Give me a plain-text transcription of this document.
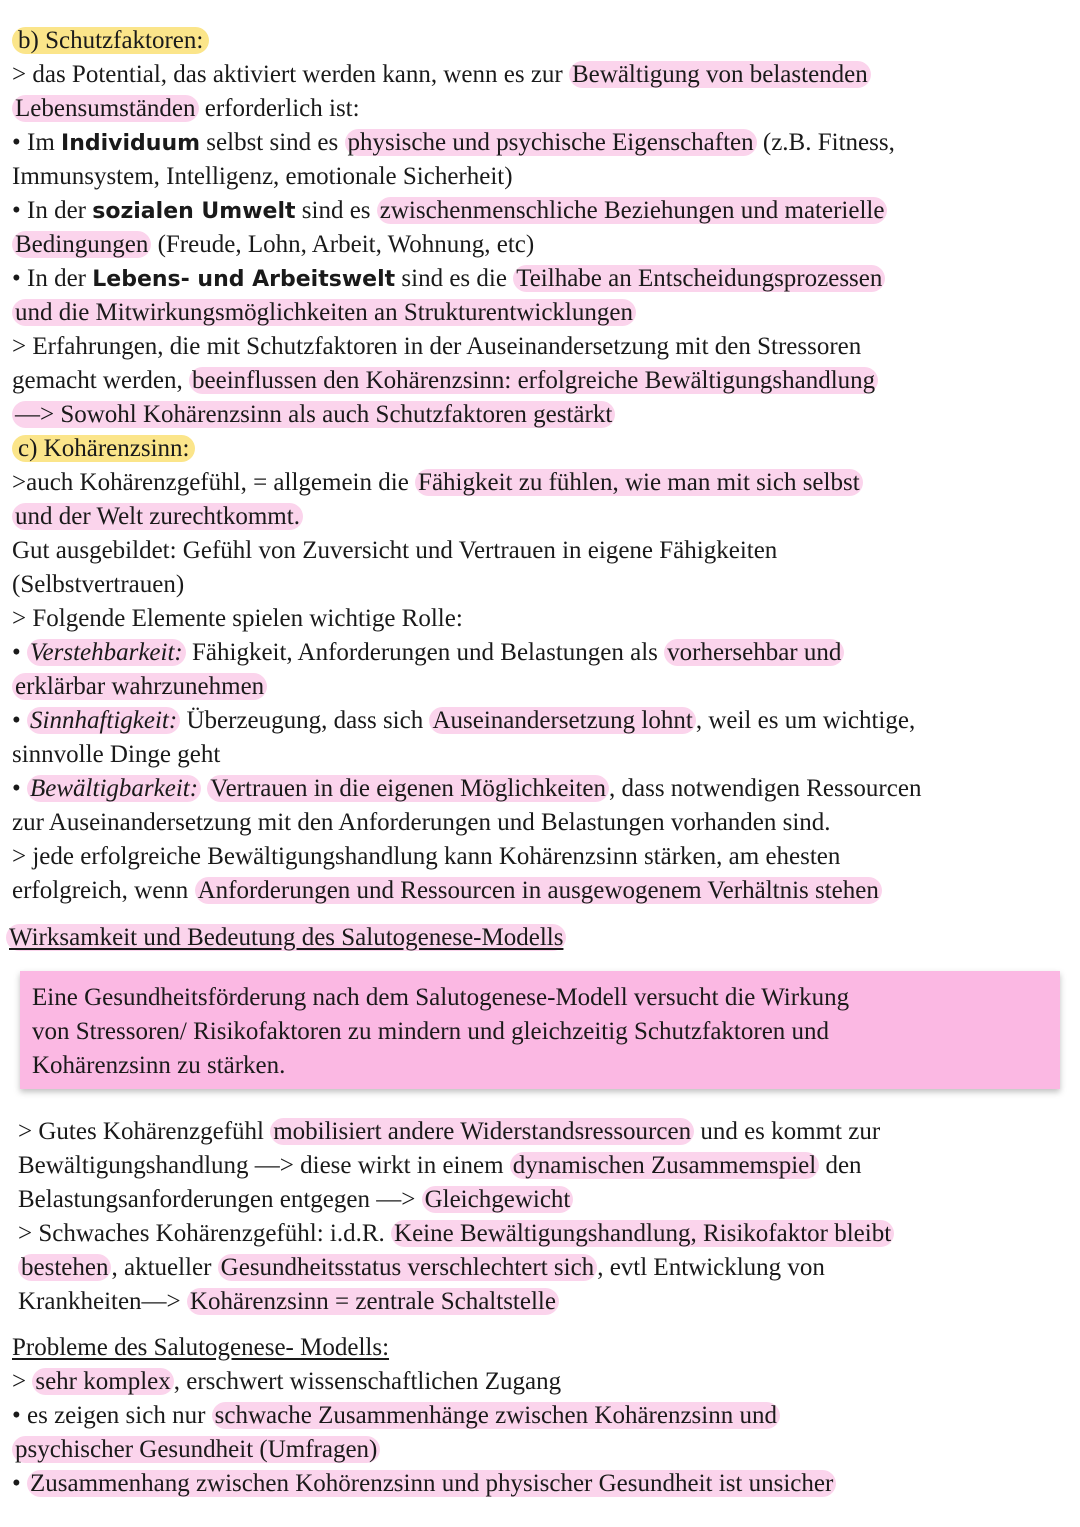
b) Schutzfaktoren:
> das Potential, das aktiviert werden kann, wenn es zur Bewältigung von belastenden
Lebensumständen erforderlich ist:
• Im Individuum selbst sind es physische und psychische Eigenschaften (z.B. Fitness,
Immunsystem, Intelligenz, emotionale Sicherheit)
• In der sozialen Umwelt sind es zwischenmenschliche Beziehungen und materielle
Bedingungen (Freude, Lohn, Arbeit, Wohnung, etc)
• In der Lebens- und Arbeitswelt sind es die Teilhabe an Entscheidungsprozessen
und die Mitwirkungsmöglichkeiten an Strukturentwicklungen
> Erfahrungen, die mit Schutzfaktoren in der Auseinandersetzung mit den Stressoren
gemacht werden, beeinflussen den Kohärenzsinn: erfolgreiche Bewältigungshandlung
—> Sowohl Kohärenzsinn als auch Schutzfaktoren gestärkt
c) Kohärenzsinn:
>auch Kohärenzgefühl, = allgemein die Fähigkeit zu fühlen, wie man mit sich selbst
und der Welt zurechtkommt.
Gut ausgebildet: Gefühl von Zuversicht und Vertrauen in eigene Fähigkeiten
(Selbstvertrauen)
> Folgende Elemente spielen wichtige Rolle:
• Verstehbarkeit: Fähigkeit, Anforderungen und Belastungen als vorhersehbar und
erklärbar wahrzunehmen
• Sinnhaftigkeit: Überzeugung, dass sich Auseinandersetzung lohnt , weil es um wichtige,
sinnvolle Dinge geht
• Bewältigbarkeit: Vertrauen in die eigenen Möglichkeiten , dass notwendigen Ressourcen
zur Auseinandersetzung mit den Anforderungen und Belastungen vorhanden sind.
> jede erfolgreiche Bewältigungshandlung kann Kohärenzsinn stärken, am ehesten
erfolgreich, wenn Anforderungen und Ressourcen in ausgewogenem Verhältnis stehen
Wirksamkeit und Bedeutung des Salutogenese-Modells
Eine Gesundheitsförderung nach dem Salutogenese-Modell versucht die Wirkung
von Stressoren/ Risikofaktoren zu mindern und gleichzeitig Schutzfaktoren und
Kohärenzsinn zu stärken.
> Gutes Kohärenzgefühl mobilisiert andere Widerstandsressourcen und es kommt zur
Bewältigungshandlung —> diese wirkt in einem dynamischen Zusammemspiel den
Belastungsanforderungen entgegen —> Gleichgewicht
> Schwaches Kohärenzgefühl: i.d.R. Keine Bewältigungshandlung, Risikofaktor bleibt
bestehen , aktueller Gesundheitsstatus verschlechtert sich , evtl Entwicklung von
Krankheiten—> Kohärenzsinn = zentrale Schaltstelle
Probleme des Salutogenese- Modells:
> sehr komplex , erschwert wissenschaftlichen Zugang
• es zeigen sich nur schwache Zusammenhänge zwischen Kohärenzsinn und
psychischer Gesundheit (Umfragen)
• Zusammenhang zwischen Kohörenzsinn und physischer Gesundheit ist unsicher
